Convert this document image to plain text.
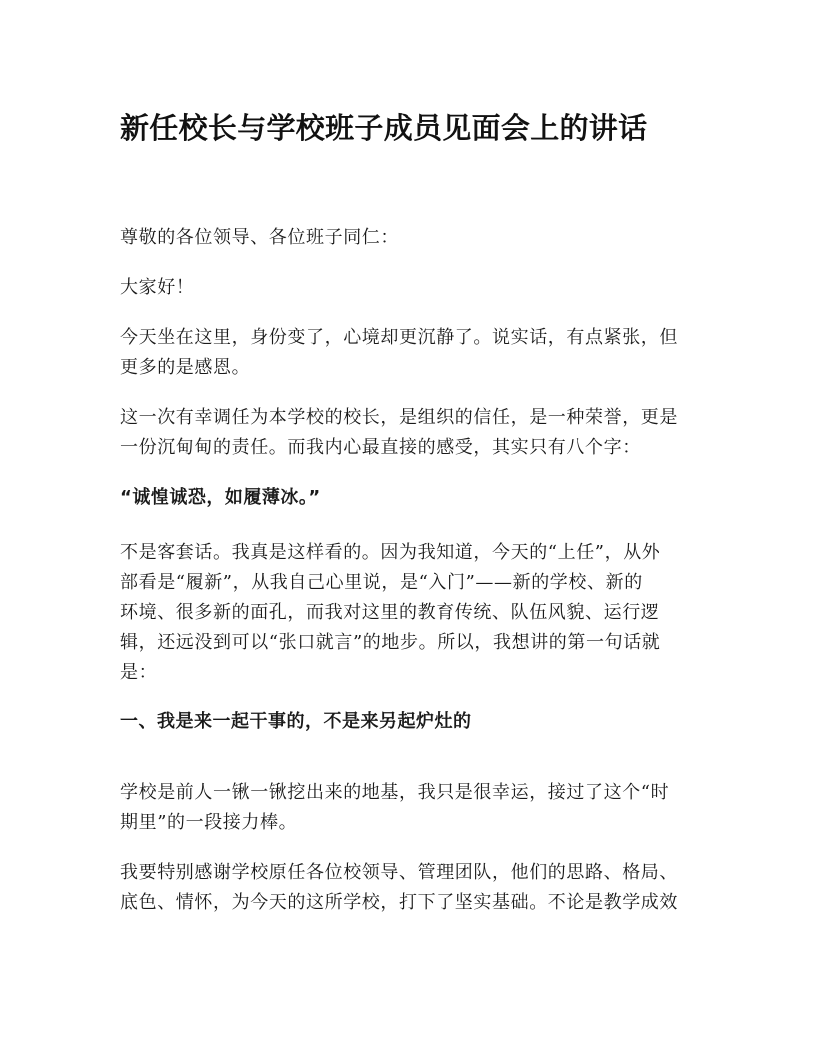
新任校长与学校班子成员见面会上的讲话

尊敬的各位领导、各位班子同仁：

大家好！

今天坐在这里，身份变了，心境却更沉静了。说实话，有点紧张，但
更多的是感恩。

这一次有幸调任为本学校的校长，是组织的信任，是一种荣誉，更是
一份沉甸甸的责任。而我内心最直接的感受，其实只有八个字：

“诚惶诚恐，如履薄冰。”

不是客套话。我真是这样看的。因为我知道，今天的“上任”，从外
部看是“履新”，从我自己心里说，是“入门”——新的学校、新的
环境、很多新的面孔，而我对这里的教育传统、队伍风貌、运行逻
辑，还远没到可以“张口就言”的地步。所以，我想讲的第一句话就
是：

一、我是来一起干事的，不是来另起炉灶的

学校是前人一锹一锹挖出来的地基，我只是很幸运，接过了这个“时
期里”的一段接力棒。

我要特别感谢学校原任各位校领导、管理团队，他们的思路、格局、
底色、情怀，为今天的这所学校，打下了坚实基础。不论是教学成效
